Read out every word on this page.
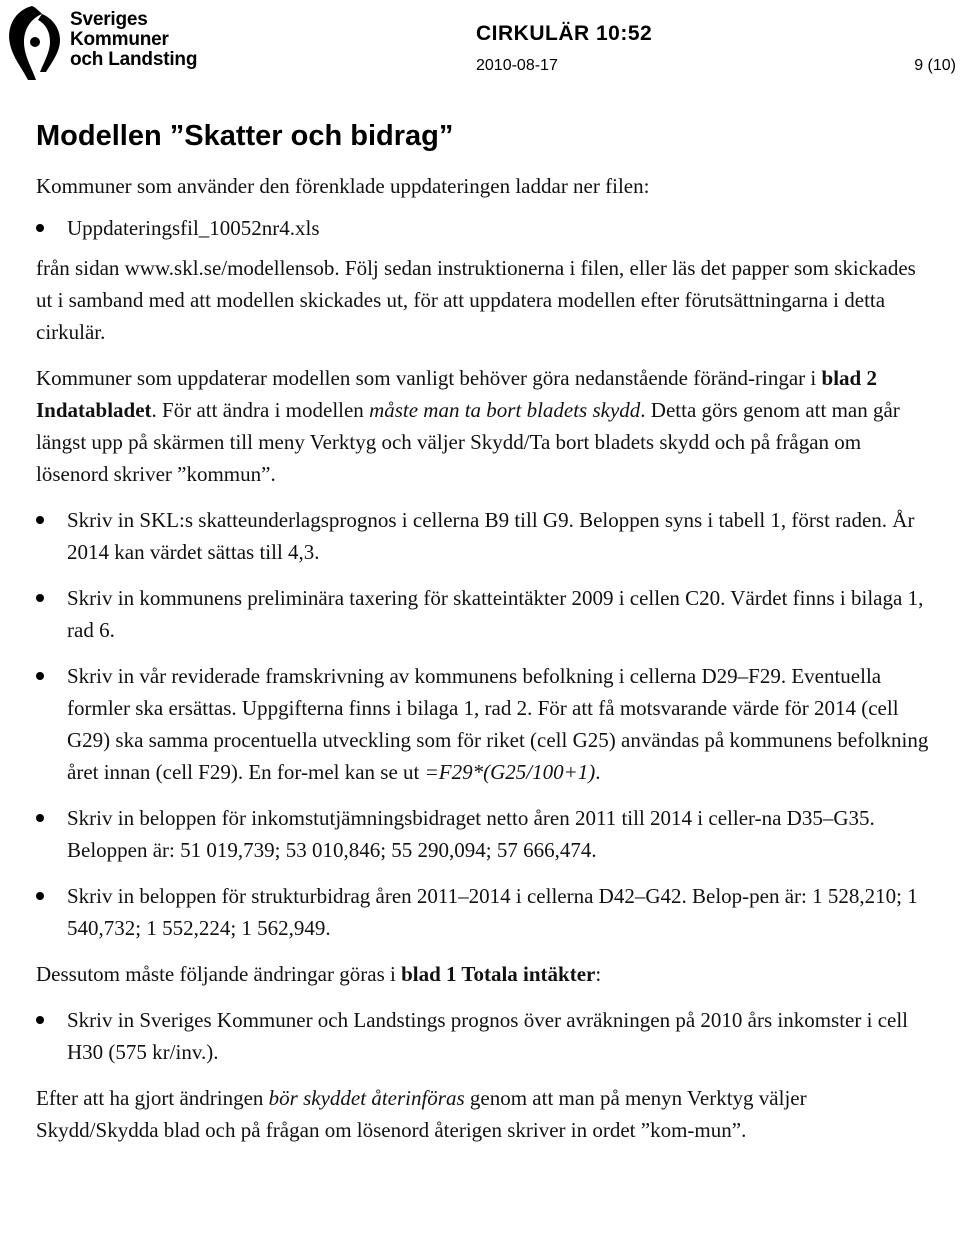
Sveriges
Kommuner
och Landsting
CIRKULÄR 10:52
2010-08-17	9 (10)
Modellen ”Skatter och bidrag”

Kommuner som använder den förenklade uppdateringen laddar ner filen:

Uppdateringsfil_10052nr4.xls

från sidan www.skl.se/modellensob. Följ sedan instruktionerna i filen, eller läs det papper som skickades ut i samband med att modellen skickades ut, för att uppdatera modellen efter förutsättningarna i detta cirkulär.

Kommuner som uppdaterar modellen som vanligt behöver göra nedanstående föränd-ringar i blad 2 Indatabladet. För att ändra i modellen måste man ta bort bladets skydd. Detta görs genom att man går längst upp på skärmen till meny Verktyg och väljer Skydd/Ta bort bladets skydd och på frågan om lösenord skriver ”kommun”.

Skriv in SKL:s skatteunderlagsprognos i cellerna B9 till G9. Beloppen syns i tabell 1, först raden. År 2014 kan värdet sättas till 4,3.
Skriv in kommunens preliminära taxering för skatteintäkter 2009 i cellen C20. Värdet finns i bilaga 1, rad 6.
Skriv in vår reviderade framskrivning av kommunens befolkning i cellerna D29–F29. Eventuella formler ska ersättas. Uppgifterna finns i bilaga 1, rad 2. För att få motsvarande värde för 2014 (cell G29) ska samma procentuella utveckling som för riket (cell G25) användas på kommunens befolkning året innan (cell F29). En for-mel kan se ut =F29*(G25/100+1).
Skriv in beloppen för inkomstutjämningsbidraget netto åren 2011 till 2014 i celler-na D35–G35. Beloppen är: 51 019,739; 53 010,846; 55 290,094; 57 666,474.
Skriv in beloppen för strukturbidrag åren 2011–2014 i cellerna D42–G42. Belop-pen är: 1 528,210; 1 540,732; 1 552,224; 1 562,949.

Dessutom måste följande ändringar göras i blad 1 Totala intäkter:

Skriv in Sveriges Kommuner och Landstings prognos över avräkningen på 2010 års inkomster i cell H30 (575 kr/inv.).

Efter att ha gjort ändringen bör skyddet återinföras genom att man på menyn Verktyg väljer Skydd/Skydda blad och på frågan om lösenord återigen skriver in ordet ”kom-mun”.
